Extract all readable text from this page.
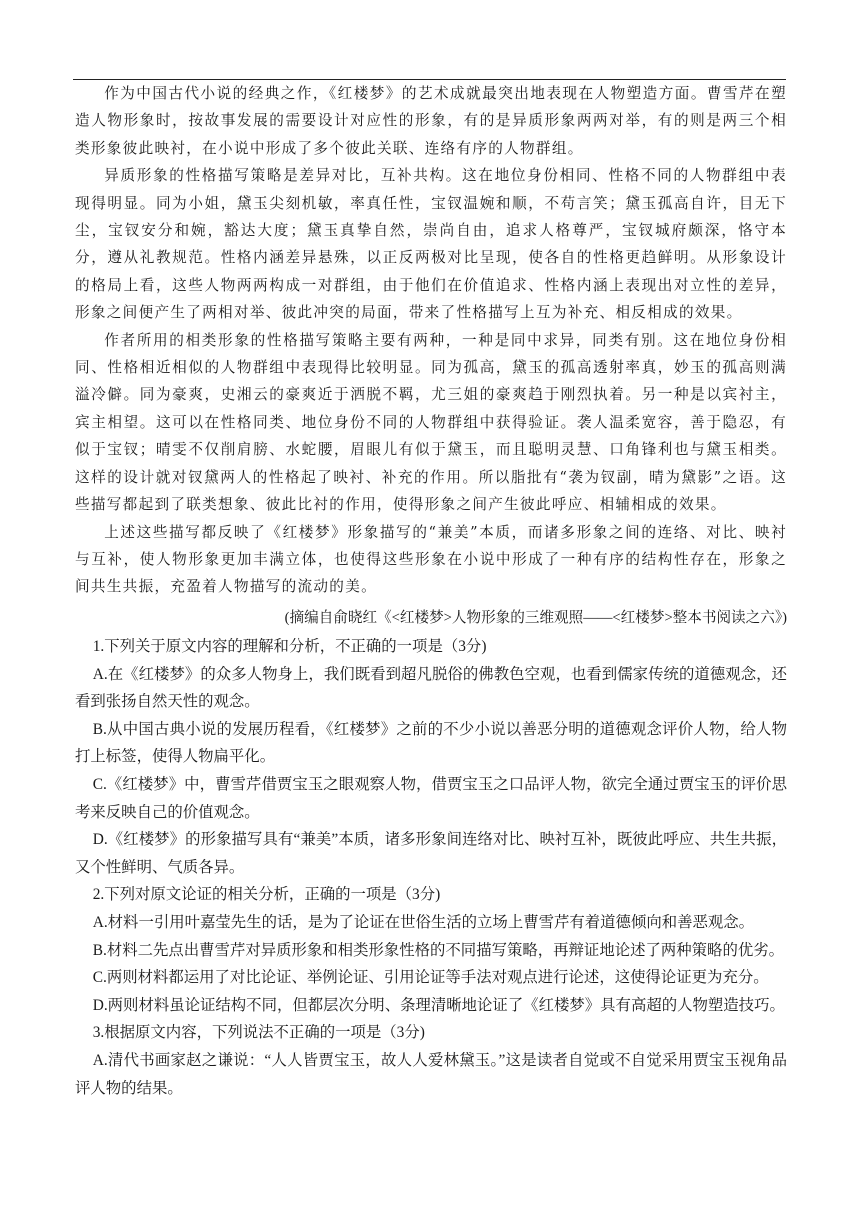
作为中国古代小说的经典之作，《红楼梦》的艺术成就最突出地表现在人物塑造方面。曹雪芹在塑造人物形象时，按故事发展的需要设计对应性的形象，有的是异质形象两两对举，有的则是两三个相类形象彼此映衬，在小说中形成了多个彼此关联、连络有序的人物群组。

异质形象的性格描写策略是差异对比，互补共构。这在地位身份相同、性格不同的人物群组中表现得明显。同为小姐，黛玉尖刻机敏，率真任性，宝钗温婉和顺，不苟言笑；黛玉孤高自许，目无下尘，宝钗安分和婉，豁达大度；黛玉真挚自然，崇尚自由，追求人格尊严，宝钗城府颇深，恪守本分，遵从礼教规范。性格内涵差异悬殊，以正反两极对比呈现，使各自的性格更趋鲜明。从形象设计的格局上看，这些人物两两构成一对群组，由于他们在价值追求、性格内涵上表现出对立性的差异，形象之间便产生了两相对举、彼此冲突的局面，带来了性格描写上互为补充、相反相成的效果。

作者所用的相类形象的性格描写策略主要有两种，一种是同中求异，同类有别。这在地位身份相同、性格相近相似的人物群组中表现得比较明显。同为孤高，黛玉的孤高透射率真，妙玉的孤高则满溢冷僻。同为豪爽，史湘云的豪爽近于洒脱不羁，尤三姐的豪爽趋于刚烈执着。另一种是以宾衬主，宾主相望。这可以在性格同类、地位身份不同的人物群组中获得验证。袭人温柔宽容，善于隐忍，有似于宝钗；晴雯不仅削肩膀、水蛇腰，眉眼儿有似于黛玉，而且聪明灵慧、口角锋利也与黛玉相类。这样的设计就对钗黛两人的性格起了映衬、补充的作用。所以脂批有“袭为钗副，晴为黛影”之语。这些描写都起到了联类想象、彼此比衬的作用，使得形象之间产生彼此呼应、相辅相成的效果。

上述这些描写都反映了《红楼梦》形象描写的“兼美”本质，而诸多形象之间的连络、对比、映衬与互补，使人物形象更加丰满立体，也使得这些形象在小说中形成了一种有序的结构性存在，形象之间共生共振，充盈着人物描写的流动的美。

(摘编自俞晓红《<红楼梦>人物形象的三维观照——<红楼梦>整本书阅读之六》)

1.下列关于原文内容的理解和分析，不正确的一项是（3分)

A.在《红楼梦》的众多人物身上，我们既看到超凡脱俗的佛教色空观，也看到儒家传统的道德观念，还看到张扬自然天性的观念。

B.从中国古典小说的发展历程看，《红楼梦》之前的不少小说以善恶分明的道德观念评价人物，给人物打上标签，使得人物扁平化。

C.《红楼梦》中，曹雪芹借贾宝玉之眼观察人物，借贾宝玉之口品评人物，欲完全通过贾宝玉的评价思考来反映自己的价值观念。

D.《红楼梦》的形象描写具有“兼美”本质，诸多形象间连络对比、映衬互补，既彼此呼应、共生共振，又个性鲜明、气质各异。

2.下列对原文论证的相关分析，正确的一项是（3分)

A.材料一引用叶嘉莹先生的话，是为了论证在世俗生活的立场上曹雪芹有着道德倾向和善恶观念。

B.材料二先点出曹雪芹对异质形象和相类形象性格的不同描写策略，再辩证地论述了两种策略的优劣。

C.两则材料都运用了对比论证、举例论证、引用论证等手法对观点进行论述，这使得论证更为充分。

D.两则材料虽论证结构不同，但都层次分明、条理清晰地论证了《红楼梦》具有高超的人物塑造技巧。

3.根据原文内容，下列说法不正确的一项是（3分)

A.清代书画家赵之谦说：“人人皆贾宝玉，故人人爱林黛玉。”这是读者自觉或不自觉采用贾宝玉视角品评人物的结果。
